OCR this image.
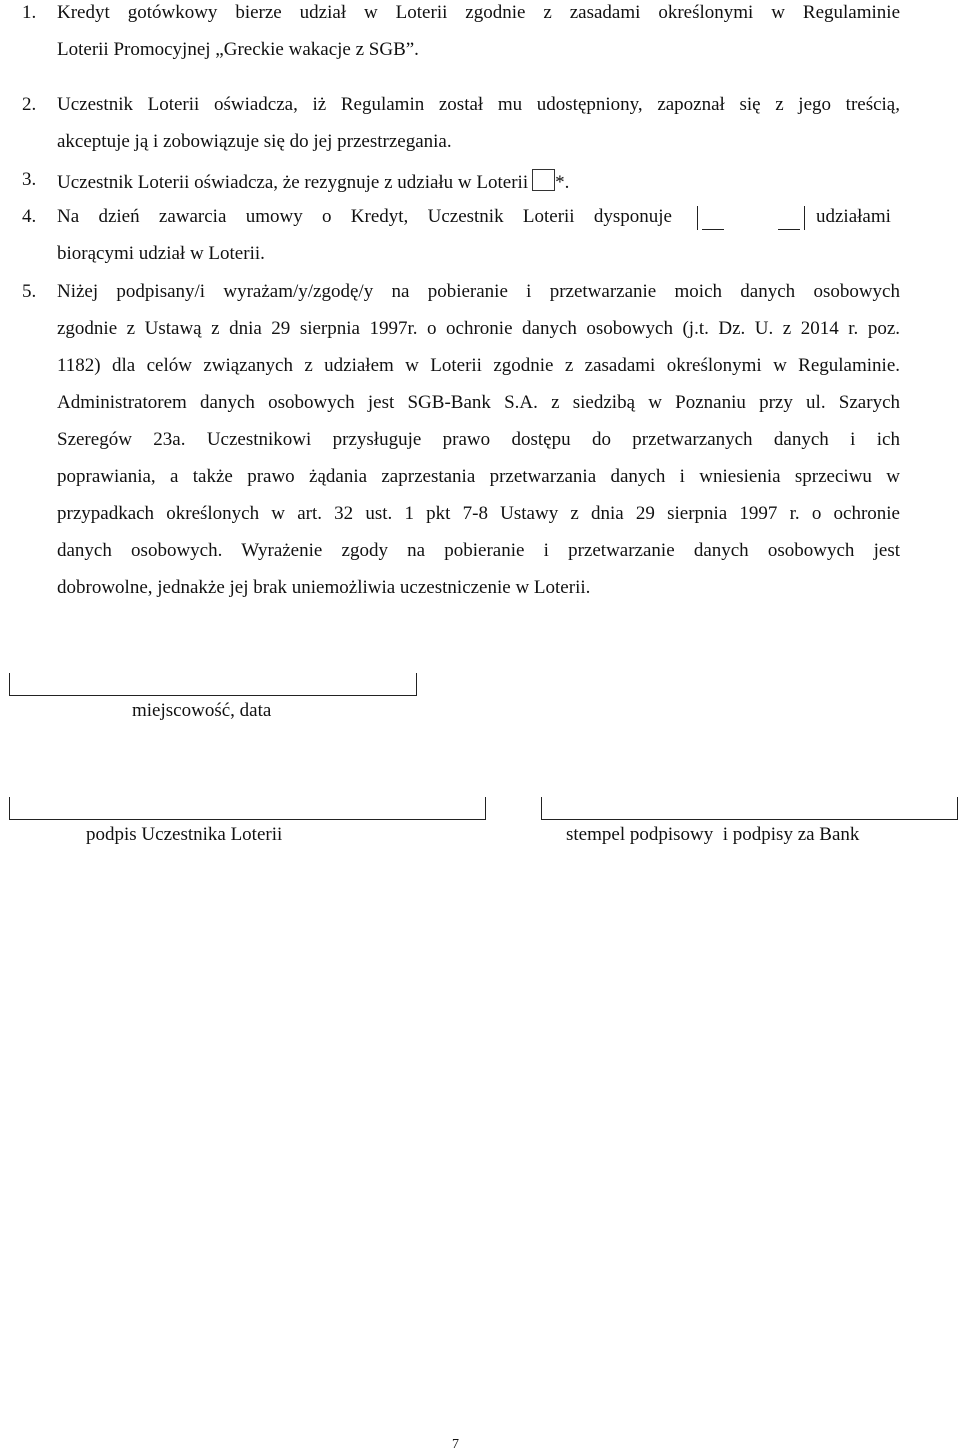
1. Kredyt gotówkowy bierze udział w Loterii zgodnie z zasadami określonymi w Regulaminie
Loterii Promocyjnej „Greckie wakacje z SGB”.
2. Uczestnik Loterii oświadcza, iż Regulamin został mu udostępniony, zapoznał się z jego treścią,
akceptuje ją i zobowiązuje się do jej przestrzegania.
3. Uczestnik Loterii oświadcza, że rezygnuje z udziału w Loterii *.
4. Na dzień zawarcia umowy o Kredyt, Uczestnik Loterii dysponuje	udziałami
biorącymi udział w Loterii.
5. Niżej podpisany/i wyrażam/y/zgodę/y na pobieranie i przetwarzanie moich danych osobowych
zgodnie z Ustawą z dnia 29 sierpnia 1997r. o ochronie danych osobowych (j.t. Dz. U. z 2014 r. poz.
1182) dla celów związanych z udziałem w Loterii zgodnie z zasadami określonymi w Regulaminie.
Administratorem danych osobowych jest SGB-Bank S.A. z siedzibą w Poznaniu przy ul. Szarych
Szeregów 23a. Uczestnikowi przysługuje prawo dostępu do przetwarzanych danych i ich
poprawiania, a także prawo żądania zaprzestania przetwarzania danych i wniesienia sprzeciwu w
przypadkach określonych w art. 32 ust. 1 pkt 7-8 Ustawy z dnia 29 sierpnia 1997 r. o ochronie
danych osobowych. Wyrażenie zgody na pobieranie i przetwarzanie danych osobowych jest
dobrowolne, jednakże jej brak uniemożliwia uczestniczenie w Loterii.
miejscowość, data
podpis Uczestnika Loterii	stempel podpisowy  i podpisy za Bank
7
